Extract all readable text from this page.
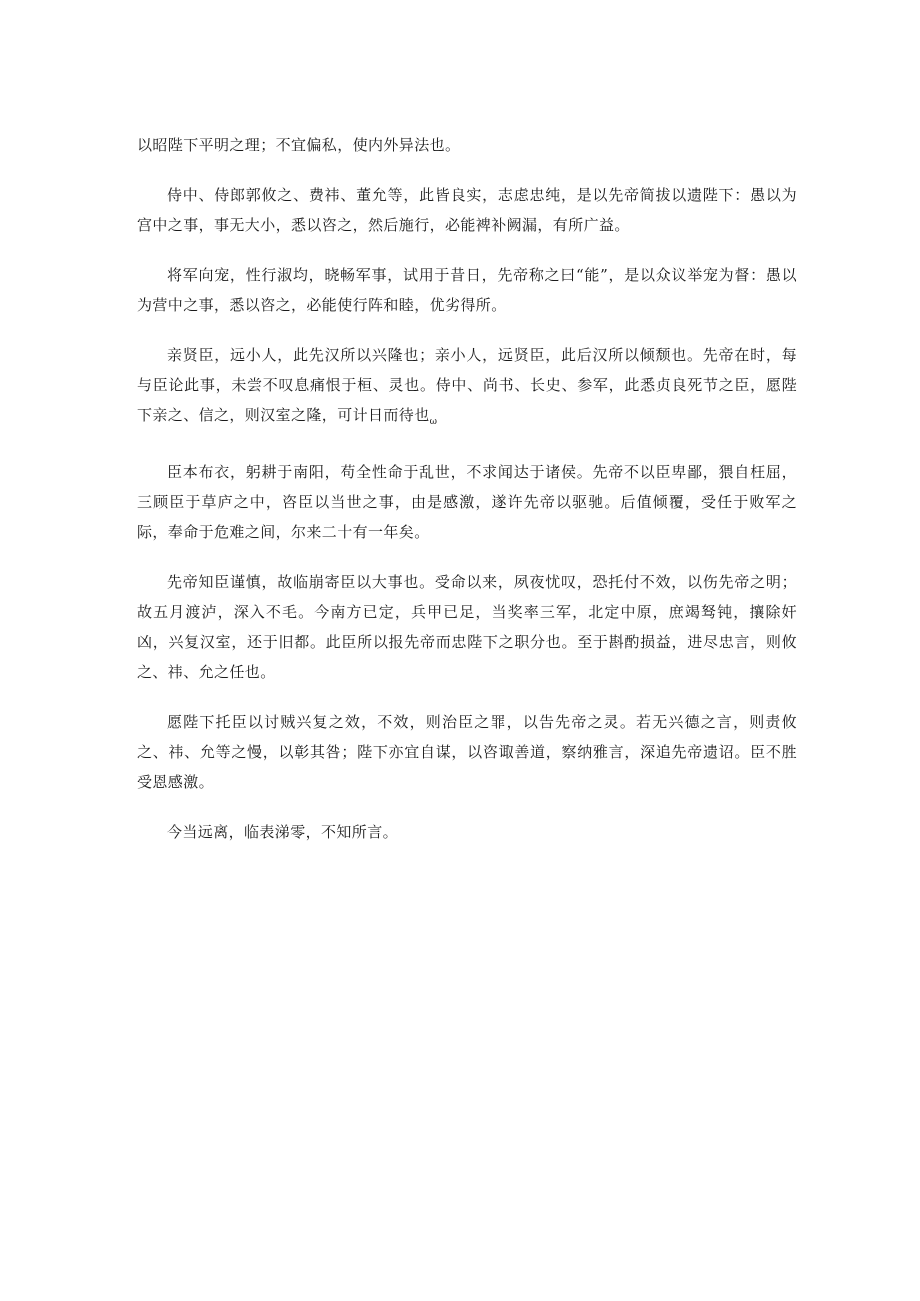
以昭陛下平明之理；不宜偏私，使内外异法也。

侍中、侍郎郭攸之、费祎、董允等，此皆良实，志虑忠纯，是以先帝简拔以遗陛下：愚以为宫中之事，事无大小，悉以咨之，然后施行，必能裨补阙漏，有所广益。

将军向宠，性行淑均，晓畅军事，试用于昔日，先帝称之曰“能”，是以众议举宠为督：愚以为营中之事，悉以咨之，必能使行阵和睦，优劣得所。

亲贤臣，远小人，此先汉所以兴隆也；亲小人，远贤臣，此后汉所以倾颓也。先帝在时，每与臣论此事，未尝不叹息痛恨于桓、灵也。侍中、尚书、长史、参军，此悉贞良死节之臣，愿陛下亲之、信之，则汉室之隆，可计日而待也$_\omega$

臣本布衣，躬耕于南阳，苟全性命于乱世，不求闻达于诸侯。先帝不以臣卑鄙，猥自枉屈，三顾臣于草庐之中，咨臣以当世之事，由是感激，遂许先帝以驱驰。后值倾覆，受任于败军之际，奉命于危难之间，尔来二十有一年矣。

先帝知臣谨慎，故临崩寄臣以大事也。受命以来，夙夜忧叹，恐托付不效，以伤先帝之明；故五月渡泸，深入不毛。今南方已定，兵甲已足，当奖率三军，北定中原，庶竭驽钝，攘除奸凶，兴复汉室，还于旧都。此臣所以报先帝而忠陛下之职分也。至于斟酌损益，进尽忠言，则攸之、祎、允之任也。

愿陛下托臣以讨贼兴复之效，不效，则治臣之罪，以告先帝之灵。若无兴德之言，则责攸之、祎、允等之慢，以彰其咎；陛下亦宜自谋，以咨诹善道，察纳雅言，深追先帝遗诏。臣不胜受恩感激。

今当远离，临表涕零，不知所言。
